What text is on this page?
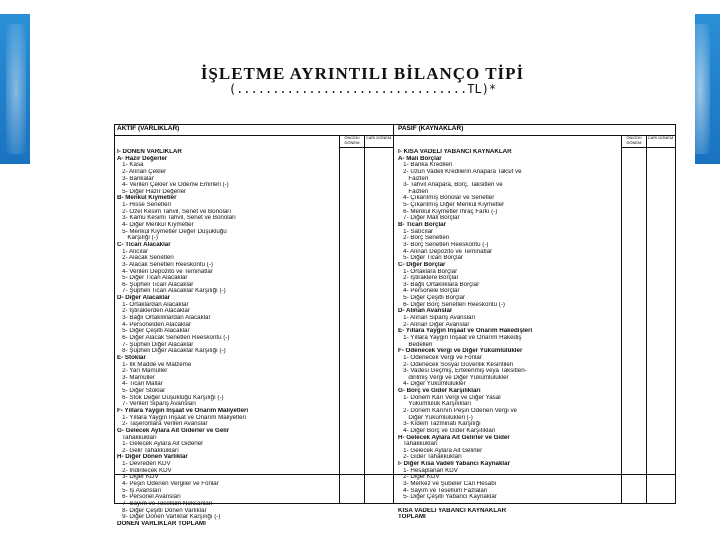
İŞLETME AYRINTILI BİLANÇO TİPİ
(................................TL)*
AKTİF (VARLIKLAR)	PASİF (KAYNAKLAR)
ÖNCEKİ DÖNEM
CARİ DÖNEM	ÖNCEKİ DÖNEM
CARİ DÖNEM
I- DÖNEN VARLIKLAR
A- Hazır Değerler
1- Kasa
2- Alınan Çekler
3- Bankalar
4- Verilen Çekler ve Ödeme Emirleri (-)
5- Diğer Hazır Değerler
B- Menkul Kıymetler
1- Hisse Senetleri
2- Özel Kesim Tahvil, Senet ve Bonoları
3- Kamu Kesimi Tahvil, Senet ve Bonoları
4- Diğer Menkul Kıymetler
5- Menkul Kıymetler Değer Düşüklüğü
Karşılığı (-)
C- Ticari Alacaklar
1- Alıcılar
2- Alacak Senetleri
3- Alacak Senetleri Reeskontu (-)
4- Verilen Depozito ve Teminatlar
5- Diğer Ticari Alacaklar
6- Şüpheli Ticari Alacaklar
7- Şüpheli Ticari Alacaklar Karşılığı (-)
D- Diğer Alacaklar
1- Ortaklardan Alacaklar
2- İştiraklerden Alacaklar
3- Bağlı Ortaklıklardan Alacaklar
4- Personelden Alacaklar
5- Diğer Çeşitli Alacaklar
6- Diğer Alacak Senetleri Reeskontu (-)
7- Şüpheli Diğer Alacaklar
8- Şüpheli Diğer Alacaklar Karşılığı (-)
E- Stoklar
1- İlk Madde ve Malzeme
2- Yarı Mamüller
3- Mamüller
4- Ticari Mallar
5- Diğer Stoklar
6- Stok Değer Düşüklüğü Karşılığı (-)
7- Verilen Sipariş Avansları
F- Yıllara Yaygın İnşaat ve Onarım Maliyetleri
1- Yıllara Yaygın İnşaat ve Onarım Maliyetleri
2- Taşeronlara Verilen Avanslar
G- Gelecek Aylara Ait Giderler ve Gelir
Tahakkukları
1- Gelecek Aylara Ait Giderler
2- Gelir Tahakkukları
H- Diğer Dönen Varlıklar
1- Devreden KDV
2- İndirilecek KDV
3- Diğer KDV
4- Peşin Ödenen Vergiler ve Fonlar
5- İş Avansları
6- Personel Avansları
7- Sayım ve Tesellüm Noksanları
8- Diğer Çeşitli Dönen Varlıklar
9- Diğer Dönen Varlıklar Karşılığı (-)
DÖNEN VARLIKLAR TOPLAMI
I- KISA VADELİ YABANCI KAYNAKLAR
A- Mali Borçlar
1- Banka Kredileri
2- Uzun Vadeli Kredilerin Anapara Taksit ve
Faizleri
3- Tahvil Anapara, Borç, Taksitleri ve
Faizleri
4- Çıkarılmış Bonolar ve Senetler
5- Çıkarılmış Diğer Menkul Kıymetler
6- Menkul Kıymetler İhraç Farkı (-)
7- Diğer Mali Borçlar
B- Ticari Borçlar
1- Satıcılar
2- Borç Senetleri
3- Borç Senetleri Reeskontu (-)
4- Alınan Depozito ve Teminatlar
5- Diğer Ticari Borçlar
C- Diğer Borçlar
1- Ortaklara Borçlar
2- İştiraklere Borçlar
3- Bağlı Ortaklıklara Borçlar
4- Personele Borçlar
5- Diğer Çeşitli Borçlar
6- Diğer Borç Senetleri Reeskontu (-)
D- Alınan Avanslar
1- Alınan Sipariş Avansları
2- Alınan Diğer Avanslar
E- Yıllara Yaygın İnşaat ve Onarım Hakedişleri
1- Yıllara Yaygın İnşaat ve Onarım Hakediş
Bedelleri
F- Ödenecek Vergi ve Diğer Yükümlülükler
1- Ödenecek Vergi ve Fonlar
2- Ödenecek Sosyal Güvenlik Kesintileri
3- Vadesi Geçmiş, Ertelenmiş veya Taksitlen-
dirilmiş Vergi ve Diğer Yükümlülükler
4- Diğer Yükümlülükler
G- Borç ve Gider Karşılıkları
1- Dönem Kârı Vergi ve Diğer Yasal
Yükümlülük Karşılıkları
2- Dönem Kârının Peşin Ödenen Vergi ve
Diğer Yükümlülükleri (-)
3- Kıdem Tazminatı Karşılığı
4- Diğer Borç ve Gider Karşılıkları
H- Gelecek Aylara Ait Gelirler ve Gider
Tahakkukları
1- Gelecek Aylara Ait Gelirler
2- Gider Tahakkukları
I- Diğer Kısa Vadeli Yabancı Kaynaklar
1- Hesaplanan KDV
2- Diğer KDV
3- Merkez ve Şubeler Cari Hesabı
4- Sayım ve Tesellüm Fazlaları
5- Diğer Çeşitli Yabancı Kaynaklar
KISA VADELİ YABANCI KAYNAKLAR
TOPLAMI
